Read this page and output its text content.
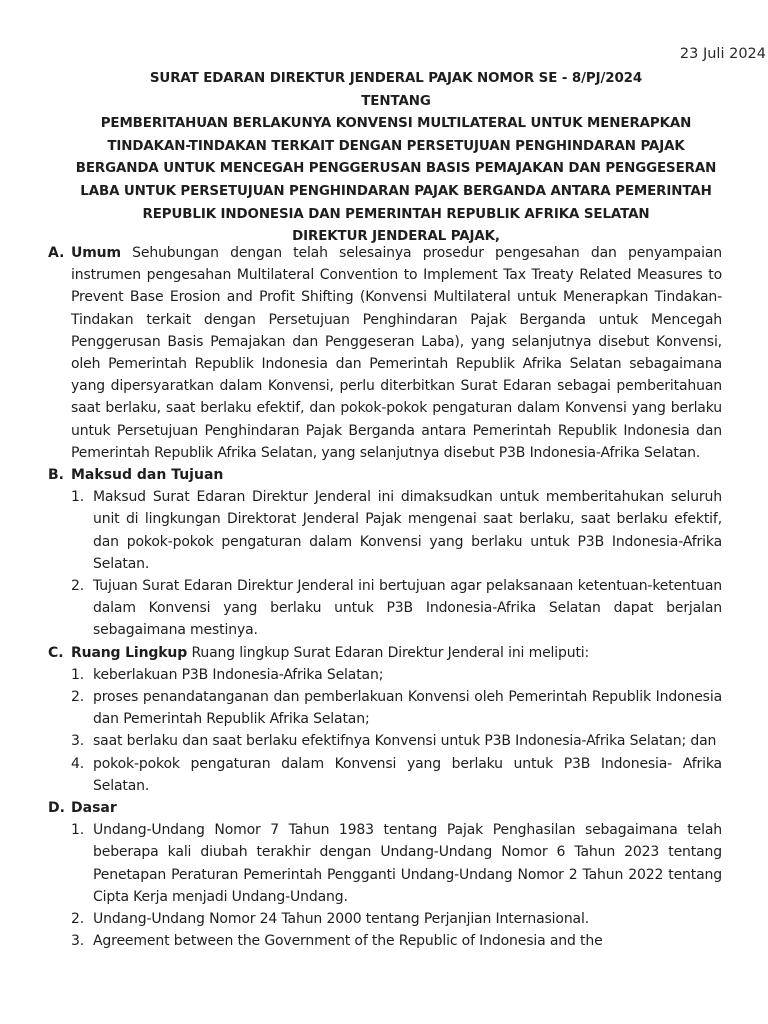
23 Juli 2024
SURAT EDARAN DIREKTUR JENDERAL PAJAK NOMOR SE - 8/PJ/2024
TENTANG
PEMBERITAHUAN BERLAKUNYA KONVENSI MULTILATERAL UNTUK MENERAPKAN
TINDAKAN-TINDAKAN TERKAIT DENGAN PERSETUJUAN PENGHINDARAN PAJAK
BERGANDA UNTUK MENCEGAH PENGGERUSAN BASIS PEMAJAKAN DAN PENGGESERAN
LABA UNTUK PERSETUJUAN PENGHINDARAN PAJAK BERGANDA ANTARA PEMERINTAH
REPUBLIK INDONESIA DAN PEMERINTAH REPUBLIK AFRIKA SELATAN
DIREKTUR JENDERAL PAJAK,
A. Umum Sehubungan dengan telah selesainya prosedur pengesahan dan penyampaian instrumen pengesahan Multilateral Convention to Implement Tax Treaty Related Measures to Prevent Base Erosion and Profit Shifting (Konvensi Multilateral untuk Menerapkan Tindakan-Tindakan terkait dengan Persetujuan Penghindaran Pajak Berganda untuk Mencegah Penggerusan Basis Pemajakan dan Penggeseran Laba), yang selanjutnya disebut Konvensi, oleh Pemerintah Republik Indonesia dan Pemerintah Republik Afrika Selatan sebagaimana yang dipersyaratkan dalam Konvensi, perlu diterbitkan Surat Edaran sebagai pemberitahuan saat berlaku, saat berlaku efektif, dan pokok-pokok pengaturan dalam Konvensi yang berlaku untuk Persetujuan Penghindaran Pajak Berganda antara Pemerintah Republik Indonesia dan Pemerintah Republik Afrika Selatan, yang selanjutnya disebut P3B Indonesia-Afrika Selatan.
B. Maksud dan Tujuan
1. Maksud Surat Edaran Direktur Jenderal ini dimaksudkan untuk memberitahukan seluruh unit di lingkungan Direktorat Jenderal Pajak mengenai saat berlaku, saat berlaku efektif, dan pokok-pokok pengaturan dalam Konvensi yang berlaku untuk P3B Indonesia-Afrika Selatan.
2. Tujuan Surat Edaran Direktur Jenderal ini bertujuan agar pelaksanaan ketentuan-ketentuan dalam Konvensi yang berlaku untuk P3B Indonesia-Afrika Selatan dapat berjalan sebagaimana mestinya.
C. Ruang Lingkup Ruang lingkup Surat Edaran Direktur Jenderal ini meliputi:
1. keberlakuan P3B Indonesia-Afrika Selatan;
2. proses penandatanganan dan pemberlakuan Konvensi oleh Pemerintah Republik Indonesia dan Pemerintah Republik Afrika Selatan;
3. saat berlaku dan saat berlaku efektifnya Konvensi untuk P3B Indonesia-Afrika Selatan; dan
4. pokok-pokok pengaturan dalam Konvensi yang berlaku untuk P3B Indonesia- Afrika Selatan.
D. Dasar
1. Undang-Undang Nomor 7 Tahun 1983 tentang Pajak Penghasilan sebagaimana telah beberapa kali diubah terakhir dengan Undang-Undang Nomor 6 Tahun 2023 tentang Penetapan Peraturan Pemerintah Pengganti Undang-Undang Nomor 2 Tahun 2022 tentang Cipta Kerja menjadi Undang-Undang.
2. Undang-Undang Nomor 24 Tahun 2000 tentang Perjanjian Internasional.
3. Agreement between the Government of the Republic of Indonesia and the
